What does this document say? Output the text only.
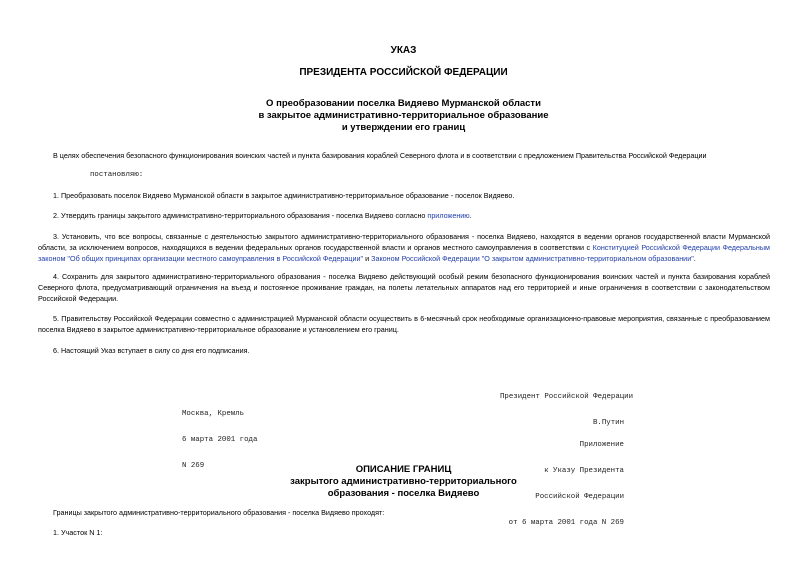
УКАЗ
ПРЕЗИДЕНТА РОССИЙСКОЙ ФЕДЕРАЦИИ
О преобразовании поселка Видяево Мурманской области
в закрытое административно-территориальное образование
и утверждении его границ
В целях обеспечения безопасного функционирования воинских частей и пункта базирования кораблей Северного флота и в соответствии с предложением Правительства Российской Федерации
постановляю:
1. Преобразовать поселок Видяево Мурманской области в закрытое административно-территориальное образование - поселок Видяево.
2. Утвердить границы закрытого административно-территориального образования - поселка Видяево согласно приложению.
3. Установить, что все вопросы, связанные с деятельностью закрытого административно-территориального образования - поселка Видяево, находятся в ведении органов государственной власти Мурманской области, за исключением вопросов, находящихся в ведении федеральных органов государственной власти и органов местного самоуправления в соответствии с Конституцией Российской Федерации Федеральным законом "Об общих принципах организации местного самоуправления в Российской Федерации" и Законом Российской Федерации "О закрытом административно-территориальном образовании".
4. Сохранить для закрытого административно-территориального образования - поселка Видяево действующий особый режим безопасного функционирования воинских частей и пункта базирования кораблей Северного флота, предусматривающий ограничения на въезд и постоянное проживание граждан, на полеты летательных аппаратов над его территорией и иные ограничения в соответствии с законодательством Российской Федерации.
5. Правительству Российской Федерации совместно с администрацией Мурманской области осуществить в 6-месячный срок необходимые организационно-правовые мероприятия, связанные с преобразованием поселка Видяево в закрытое административно-территориальное образование и установлением его границ.
6. Настоящий Указ вступает в силу со дня его подписания.

Президент Российской Федерации

В.Путин

Москва, Кремль

6 марта 2001 года

N 269

Приложение

к Указу Президента

Российской Федерации

от 6 марта 2001 года N 269

ОПИСАНИЕ ГРАНИЦ
закрытого административно-территориального
образования - поселка Видяево
Границы закрытого административно-территориального образования - поселка Видяево проходят:
1. Участок N 1:
